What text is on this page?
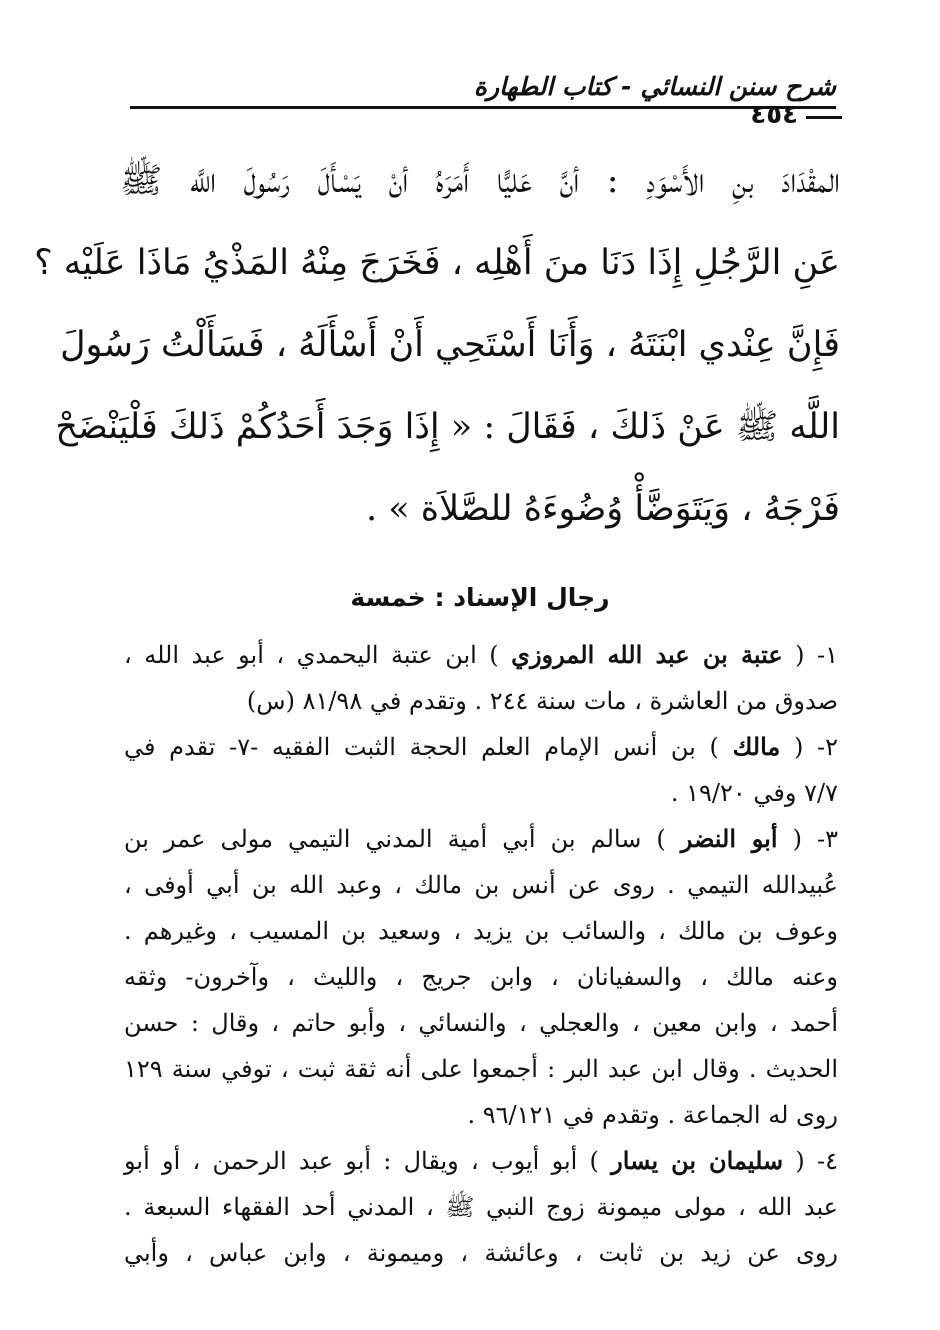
شرح سنن النسائي - كتاب الطهارة
٤٥٤
المقْدَادَ بنِ الأَسْوَدِ : أنَّ عَليًّا أَمَرَهُ أنْ يَسْأَلَ رَسُولَ اللَّه ﷺ
عَنِ الرَّجُلِ إِذَا دَنَا منَ أَهْلِه ، فَخَرَجَ مِنْهُ المَذْيُ مَاذَا عَلَيْه ؟
فَإِنَّ عِنْدي ابْنَتَهُ ، وَأَنَا أَسْتَحِي أَنْ أَسْأَلَهُ ، فَسَأَلْتُ رَسُولَ
اللَّه ﷺ عَنْ ذَلكَ ، فَقَالَ : « إِذَا وَجَدَ أَحَدُكُمْ ذَلكَ فَلْيَنْضَحْ
فَرْجَهُ ، وَيَتَوَضَّأْ وُضُوءَهُ للصَّلاَة » .
رجال الإسناد : خمسة
١- ( عتبة بن عبد الله المروزي ) ابن عتبة اليحمدي ، أبو عبد الله ،
صدوق من العاشرة ، مات سنة ٢٤٤ . وتقدم في ٨١/٩٨ (س)
٢- ( مالك ) بن أنس الإمام العلم الحجة الثبت الفقيه -٧- تقدم في
٧/٧ وفي ١٩/٢٠ .
٣- ( أبو النضر ) سالم بن أبي أمية المدني التيمي مولى عمر بن
عُبيدالله التيمي . روى عن أنس بن مالك ، وعبد الله بن أبي أوفى ،
وعوف بن مالك ، والسائب بن يزيد ، وسعيد بن المسيب ، وغيرهم .
وعنه مالك ، والسفيانان ، وابن جريج ، والليث ، وآخرون- وثقه
أحمد ، وابن معين ، والعجلي ، والنسائي ، وأبو حاتم ، وقال : حسن
الحديث . وقال ابن عبد البر : أجمعوا على أنه ثقة ثبت ، توفي سنة ١٢٩
روى له الجماعة . وتقدم في ٩٦/١٢١ .
٤- ( سليمان بن يسار ) أبو أيوب ، ويقال : أبو عبد الرحمن ، أو أبو
عبد الله ، مولى ميمونة زوج النبي ﷺ ، المدني أحد الفقهاء السبعة .
روى عن زيد بن ثابت ، وعائشة ، وميمونة ، وابن عباس ، وأبي
